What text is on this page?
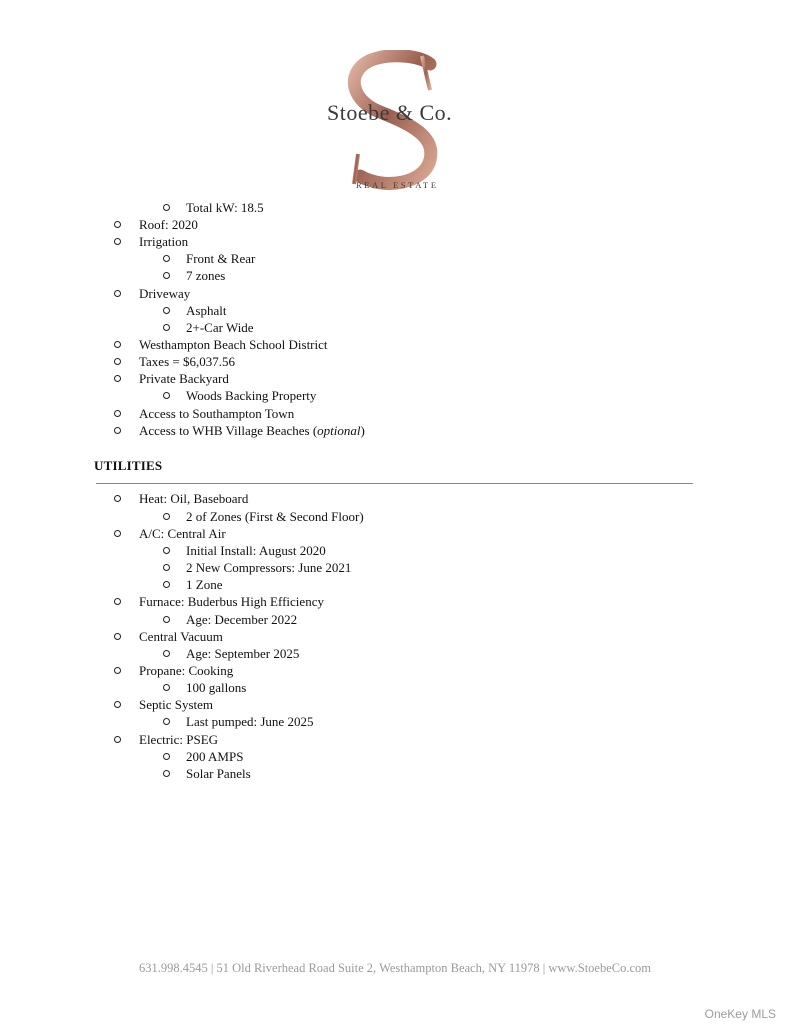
Stoebe & Co.
REAL ESTATE
Total kW: 18.5
Roof: 2020
Irrigation
Front & Rear
7 zones
Driveway
Asphalt
2+-Car Wide
Westhampton Beach School District
Taxes = $6,037.56
Private Backyard
Woods Backing Property
Access to Southampton Town
Access to WHB Village Beaches (optional)
UTILITIES
Heat: Oil, Baseboard
2 of Zones (First & Second Floor)
A/C: Central Air
Initial Install: August 2020
2 New Compressors: June 2021
1 Zone
Furnace: Buderbus High Efficiency
Age: December 2022
Central Vacuum
Age: September 2025
Propane: Cooking
100 gallons
Septic System
Last pumped: June 2025
Electric: PSEG
200 AMPS
Solar Panels
631.998.4545 | 51 Old Riverhead Road Suite 2, Westhampton Beach, NY 11978 | www.StoebeCo.com
OneKey MLS
